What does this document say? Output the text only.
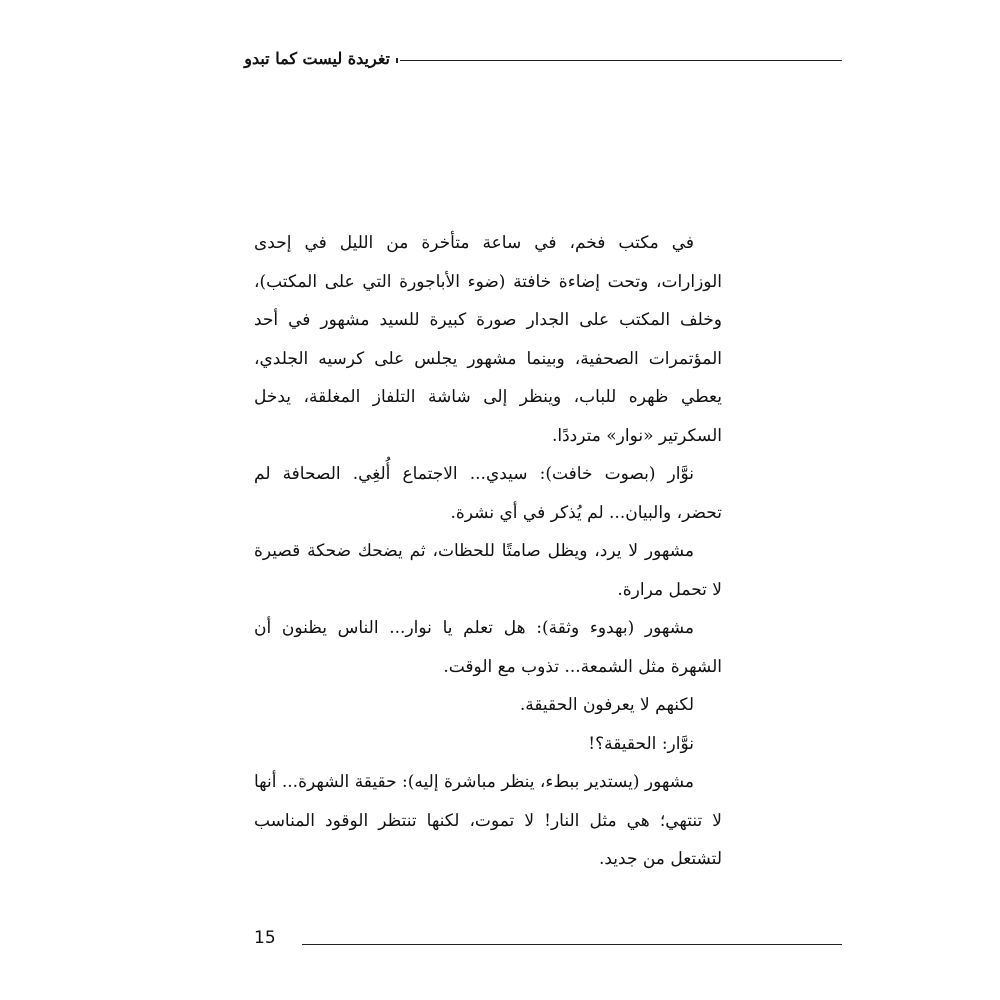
تغريدة ليست كما تبدو

في مكتب فخم، في ساعة متأخرة من الليل في إحدى الوزارات، وتحت إضاءة خافتة (ضوء الأباجورة التي على المكتب)، وخلف المكتب على الجدار صورة كبيرة للسيد مشهور في أحد المؤتمرات الصحفية، وبينما مشهور يجلس على كرسيه الجلدي، يعطي ظهره للباب، وينظر إلى شاشة التلفاز المغلقة، يدخل السكرتير «نوار» مترددًا.

نوَّار (بصوت خافت): سيدي... الاجتماع أُلغِي. الصحافة لم تحضر، والبيان... لم يُذكر في أي نشرة.

مشهور لا يرد، ويظل صامتًا للحظات، ثم يضحك ضحكة قصيرة لا تحمل مرارة.

مشهور (بهدوء وثقة): هل تعلم يا نوار... الناس يظنون أن الشهرة مثل الشمعة... تذوب مع الوقت.

لكنهم لا يعرفون الحقيقة.

نوَّار: الحقيقة؟!

مشهور (يستدير ببطء، ينظر مباشرة إليه): حقيقة الشهرة... أنها لا تنتهي؛ هي مثل النار! لا تموت، لكنها تنتظر الوقود المناسب لتشتعل من جديد.

15
